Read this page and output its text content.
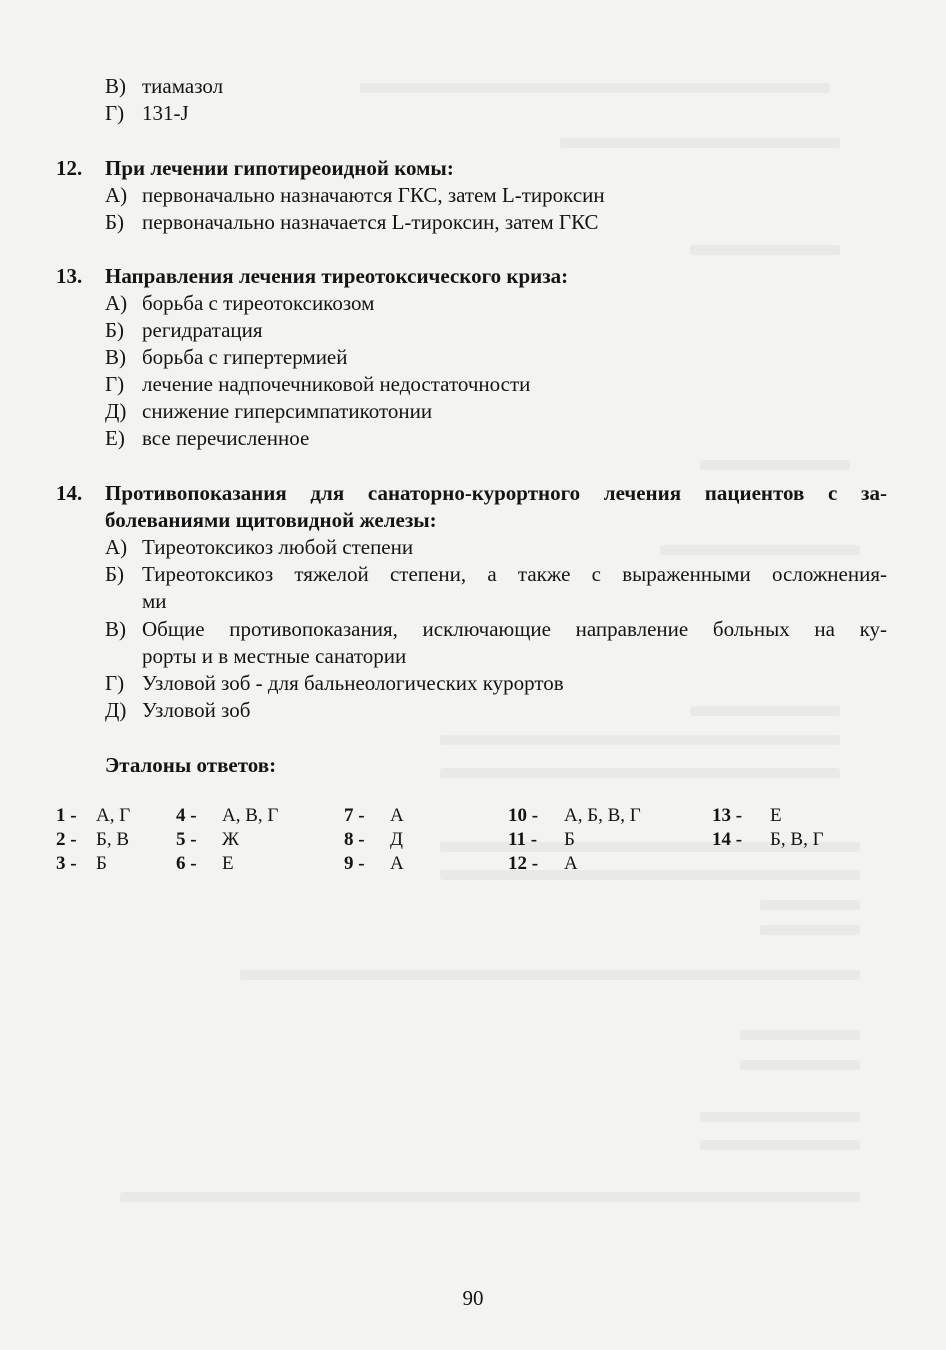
В) тиамазол
Г) 131-J
12. При лечении гипотиреоидной комы:
А) первоначально назначаются ГКС, затем L-тироксин
Б) первоначально назначается L-тироксин, затем ГКС
13. Направления лечения тиреотоксического криза:
А) борьба с тиреотоксикозом
Б) регидратация
В) борьба с гипертермией
Г) лечение надпочечниковой недостаточности
Д) снижение гиперсимпатикотонии
Е) все перечисленное
14. Противопоказания для санаторно-курортного лечения пациентов с за-
болеваниями щитовидной железы:
А) Тиреотоксикоз любой степени
Б) Тиреотоксикоз тяжелой степени, а также с выраженными осложнения-
ми
В) Общие противопоказания, исключающие направление больных на ку-
рорты и в местные санатории
Г) Узловой зоб - для бальнеологических курортов
Д) Узловой зоб
Эталоны ответов:
1 - А, Г
2 - Б, В
3 - Б
4 - А, В, Г
5 - Ж
6 - Е
7 - А
8 - Д
9 - А
10 - А, Б, В, Г
11 - Б
12 - А
13 - Е
14 - Б, В, Г
90
